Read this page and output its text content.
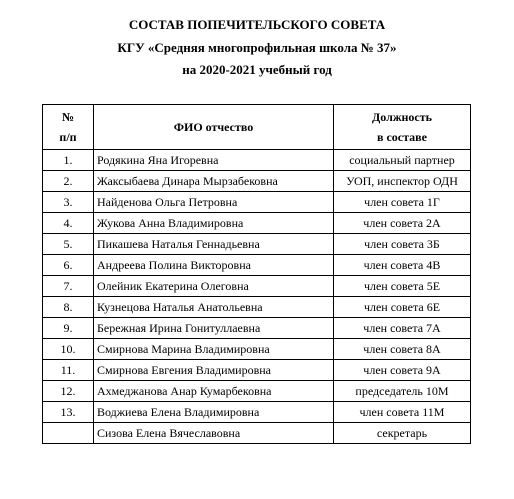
СОСТАВ ПОПЕЧИТЕЛЬСКОГО СОВЕТА
КГУ «Средняя многопрофильная школа № 37»
на 2020-2021 учебный год
№
п/п	ФИО отчество	Должность
в составе

1.	Родякина Яна Игоревна	социальный партнер
2.	Жаксыбаева Динара Мырзабековна	УОП, инспектор ОДН
3.	Найденова Ольга Петровна	член совета 1Г
4.	Жукова Анна Владимировна	член совета 2А
5.	Пикашева Наталья Геннадьевна	член совета 3Б
6.	Андреева Полина Викторовна	член совета 4В
7.	Олейник Екатерина Олеговна	член совета 5Е
8.	Кузнецова Наталья Анатольевна	член совета 6Е
9.	Бережная Ирина Гонитуллаевна	член совета 7А
10.	Смирнова Марина Владимировна	член совета 8А
11.	Смирнова Евгения Владимировна	член совета 9А
12.	Ахмеджанова Анар Кумарбековна	председатель 10М
13.	Воджиева Елена Владимировна	член совета 11М
	Сизова Елена Вячеславовна	секретарь
